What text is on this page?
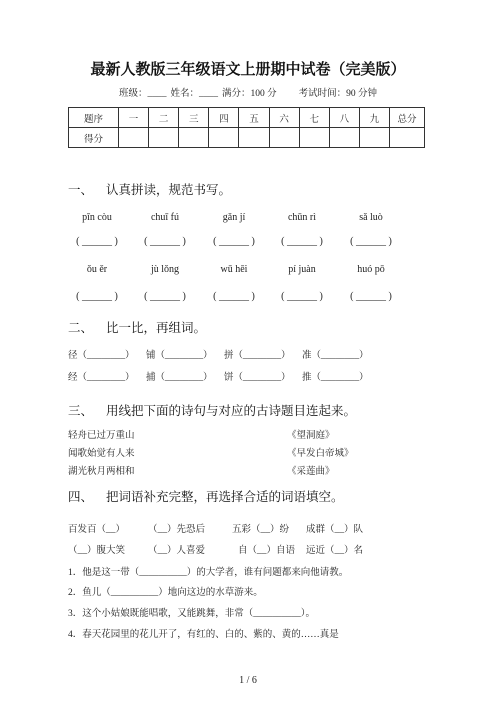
最新人教版三年级语文上册期中试卷（完美版）
班级：____ 姓名：____ 满分：100 分 考试时间：90 分钟
题序	一	二	三	四	五	六	七	八	九	总分
得分										
一、 认真拼读，规范书写。
pīn còu	chuī fú	gǎn jí	chūn rì	sǎ luò
( ______ )	( ______ )	( ______ )	( ______ )	( ______ )
ǒu ěr	jù lǒng	wū hēi	pí juàn	huó pō
( ______ )	( ______ )	( ______ )	( ______ )	( ______ )
二、 比一比，再组词。
径（________） 铺（________） 拼（________） 准（________）
经（________） 捕（________） 饼（________） 推（________）
三、 用线把下面的诗句与对应的古诗题目连起来。
轻舟已过万重山
闻歌始觉有人来
湖光秋月两相和
《望洞庭》
《早发白帝城》
《采莲曲》
四、 把词语补充完整，再选择合适的词语填空。
百发百（__） （__）先恐后	五彩（__）纷 成群（__）队
（__）腹大笑 （__）人喜爱	自（__）自语 远近（__）名
1．他是这一带（__________）的大学者，谁有问题都来向他请教。
2．鱼儿（__________）地向这边的水草游来。
3．这个小姑娘既能唱歌，又能跳舞，非常（__________）。
4．春天花园里的花儿开了，有红的、白的、紫的、黄的……真是
1 / 6
